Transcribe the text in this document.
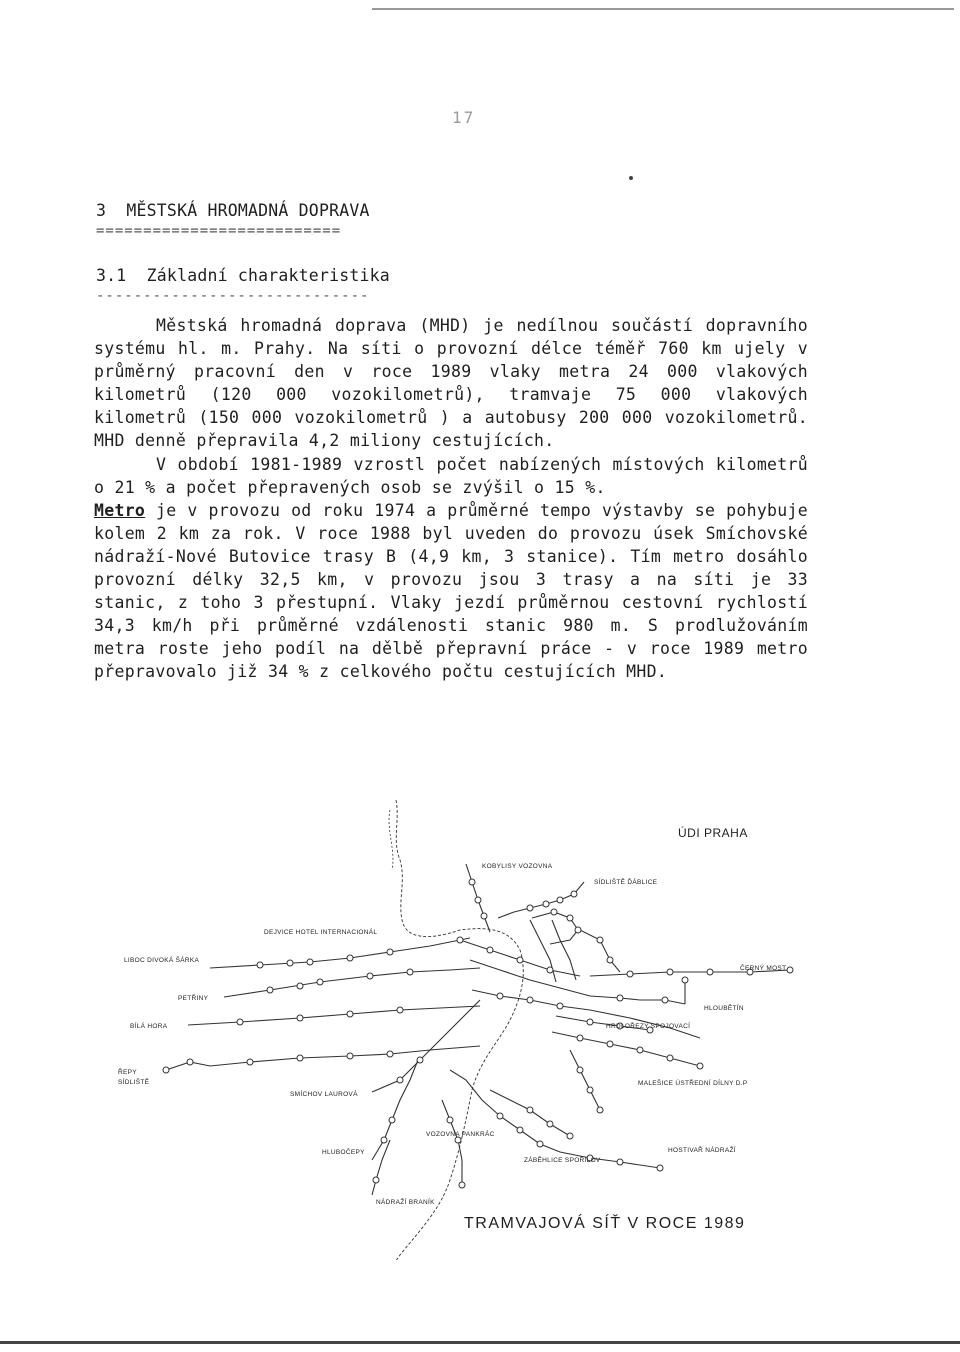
17
3  MĚSTSKÁ HROMADNÁ DOPRAVA
==========================
3.1  Základní charakteristika
-----------------------------

Městská hromadná doprava (MHD) je nedílnou součástí dopravního systému hl. m. Prahy. Na síti o provozní délce téměř 760 km ujely v průměrný pracovní den v roce 1989 vlaky metra 24 000 vlakových kilometrů (120 000 vozokilometrů), tramvaje 75 000 vlakových kilometrů (150 000 vozokilometrů ) a autobusy 200 000 vozokilometrů. MHD denně přepravila 4,2 miliony cestujících.

V období 1981-1989 vzrostl počet nabízených místových kilometrů o 21 % a počet přepravených osob se zvýšil o 15 %.

Metro je v provozu od roku 1974 a průměrné tempo výstavby se pohybuje kolem 2 km za rok. V roce 1988 byl uveden do provozu úsek Smíchovské nádraží-Nové Butovice trasy B (4,9 km, 3 stanice). Tím metro dosáhlo provozní délky 32,5 km, v provozu jsou 3 trasy a na síti je 33 stanic, z toho 3 přestupní. Vlaky jezdí průměrnou cestovní rychlostí 34,3 km/h při průměrné vzdálenosti stanic 980 m. S prodlužováním metra roste jeho podíl na dělbě přepravní práce - v roce 1989 metro přepravovalo již 34 % z celkového počtu cestujících MHD.

ÚDI PRAHA
KOBYLISY VOZOVNA
SÍDLIŠTĚ ĎÁBLICE
DEJVICE HOTEL INTERNACIONÁL
LIBOC DIVOKÁ ŠÁRKA
ČERNÝ MOST
PETŘINY
HLOUBĚTÍN
BÍLÁ HORA	HRDLOŘEZY SPOJOVACÍ
ŘEPY
SÍDLIŠTĚ	MALEŠICE ÚSTŘEDNÍ DÍLNY D.P
SMÍCHOV LAUROVÁ
VOZOVNA PANKRÁC
HLUBOČEPY	HOSTIVAŘ NÁDRAŽÍ
ZÁBĚHLICE SPOŘILOV
NÁDRAŽÍ BRANÍK
TRAMVAJOVÁ SÍŤ V ROCE 1989
